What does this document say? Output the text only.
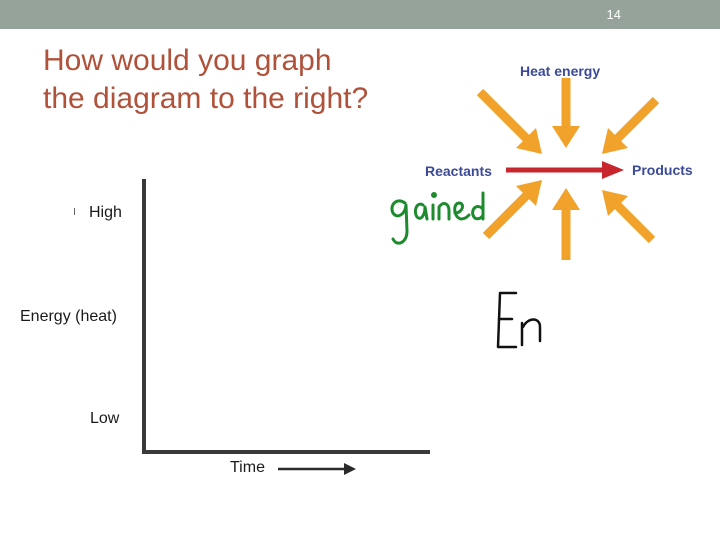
14
How would you graph
the diagram to the right?
High
Energy (heat)
Low
Time
Heat energy
Reactants	Products
